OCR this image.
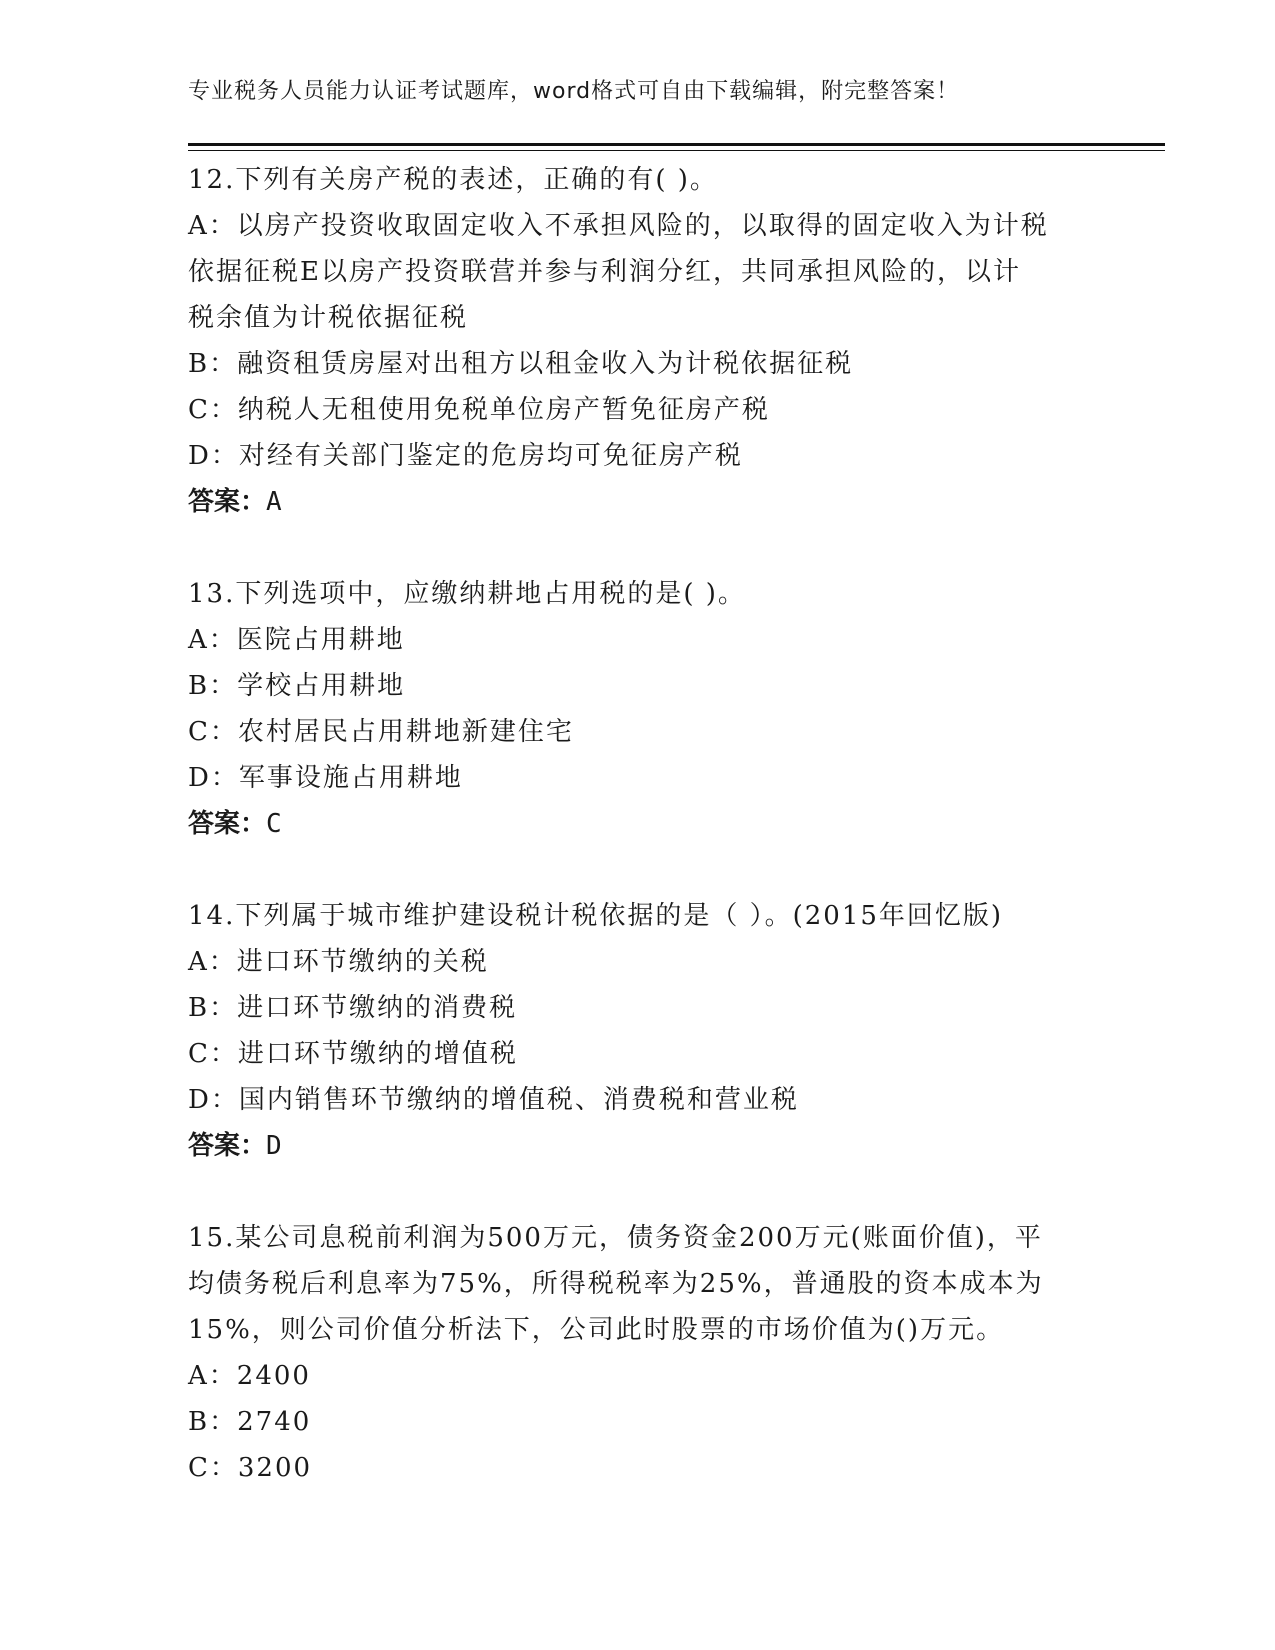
专业税务人员能力认证考试题库，word格式可自由下载编辑，附完整答案！
12.下列有关房产税的表述，正确的有( )。
A：以房产投资收取固定收入不承担风险的，以取得的固定收入为计税
依据征税E以房产投资联营并参与利润分红，共同承担风险的，以计
税余值为计税依据征税
B：融资租赁房屋对出租方以租金收入为计税依据征税
C：纳税人无租使用免税单位房产暂免征房产税
D：对经有关部门鉴定的危房均可免征房产税
答案：A
13.下列选项中，应缴纳耕地占用税的是( )。
A：医院占用耕地
B：学校占用耕地
C：农村居民占用耕地新建住宅
D：军事设施占用耕地
答案：C
14.下列属于城市维护建设税计税依据的是（ ）。(2015年回忆版)
A：进口环节缴纳的关税
B：进口环节缴纳的消费税
C：进口环节缴纳的增值税
D：国内销售环节缴纳的增值税、消费税和营业税
答案：D
15.某公司息税前利润为500万元，债务资金200万元(账面价值)，平
均债务税后利息率为75%，所得税税率为25%，普通股的资本成本为
15%，则公司价值分析法下，公司此时股票的市场价值为()万元。
A：2400
B：2740
C：3200
